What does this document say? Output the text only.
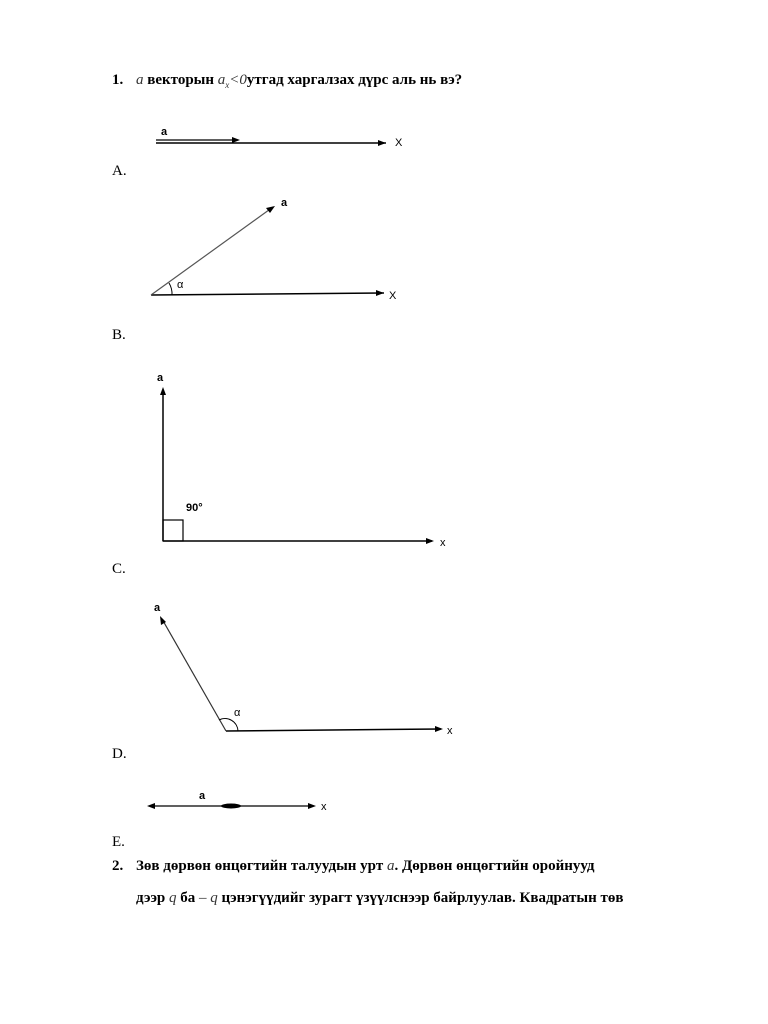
1. a векторын $a_x<0утгад$ харгалзах дүрс аль нь вэ?
a
X
A.
a
α
X
B.
a
90°
x
C.
a
α
x
D.
a
x
E.
2. Зөв дөрвөн өнцөгтийн талуудын урт a. Дөрвөн өнцөгтийн оройнууд
дээр q ба – q цэнэгүүдийг зурагт үзүүлснээр байрлуулав. Квадратын төв
